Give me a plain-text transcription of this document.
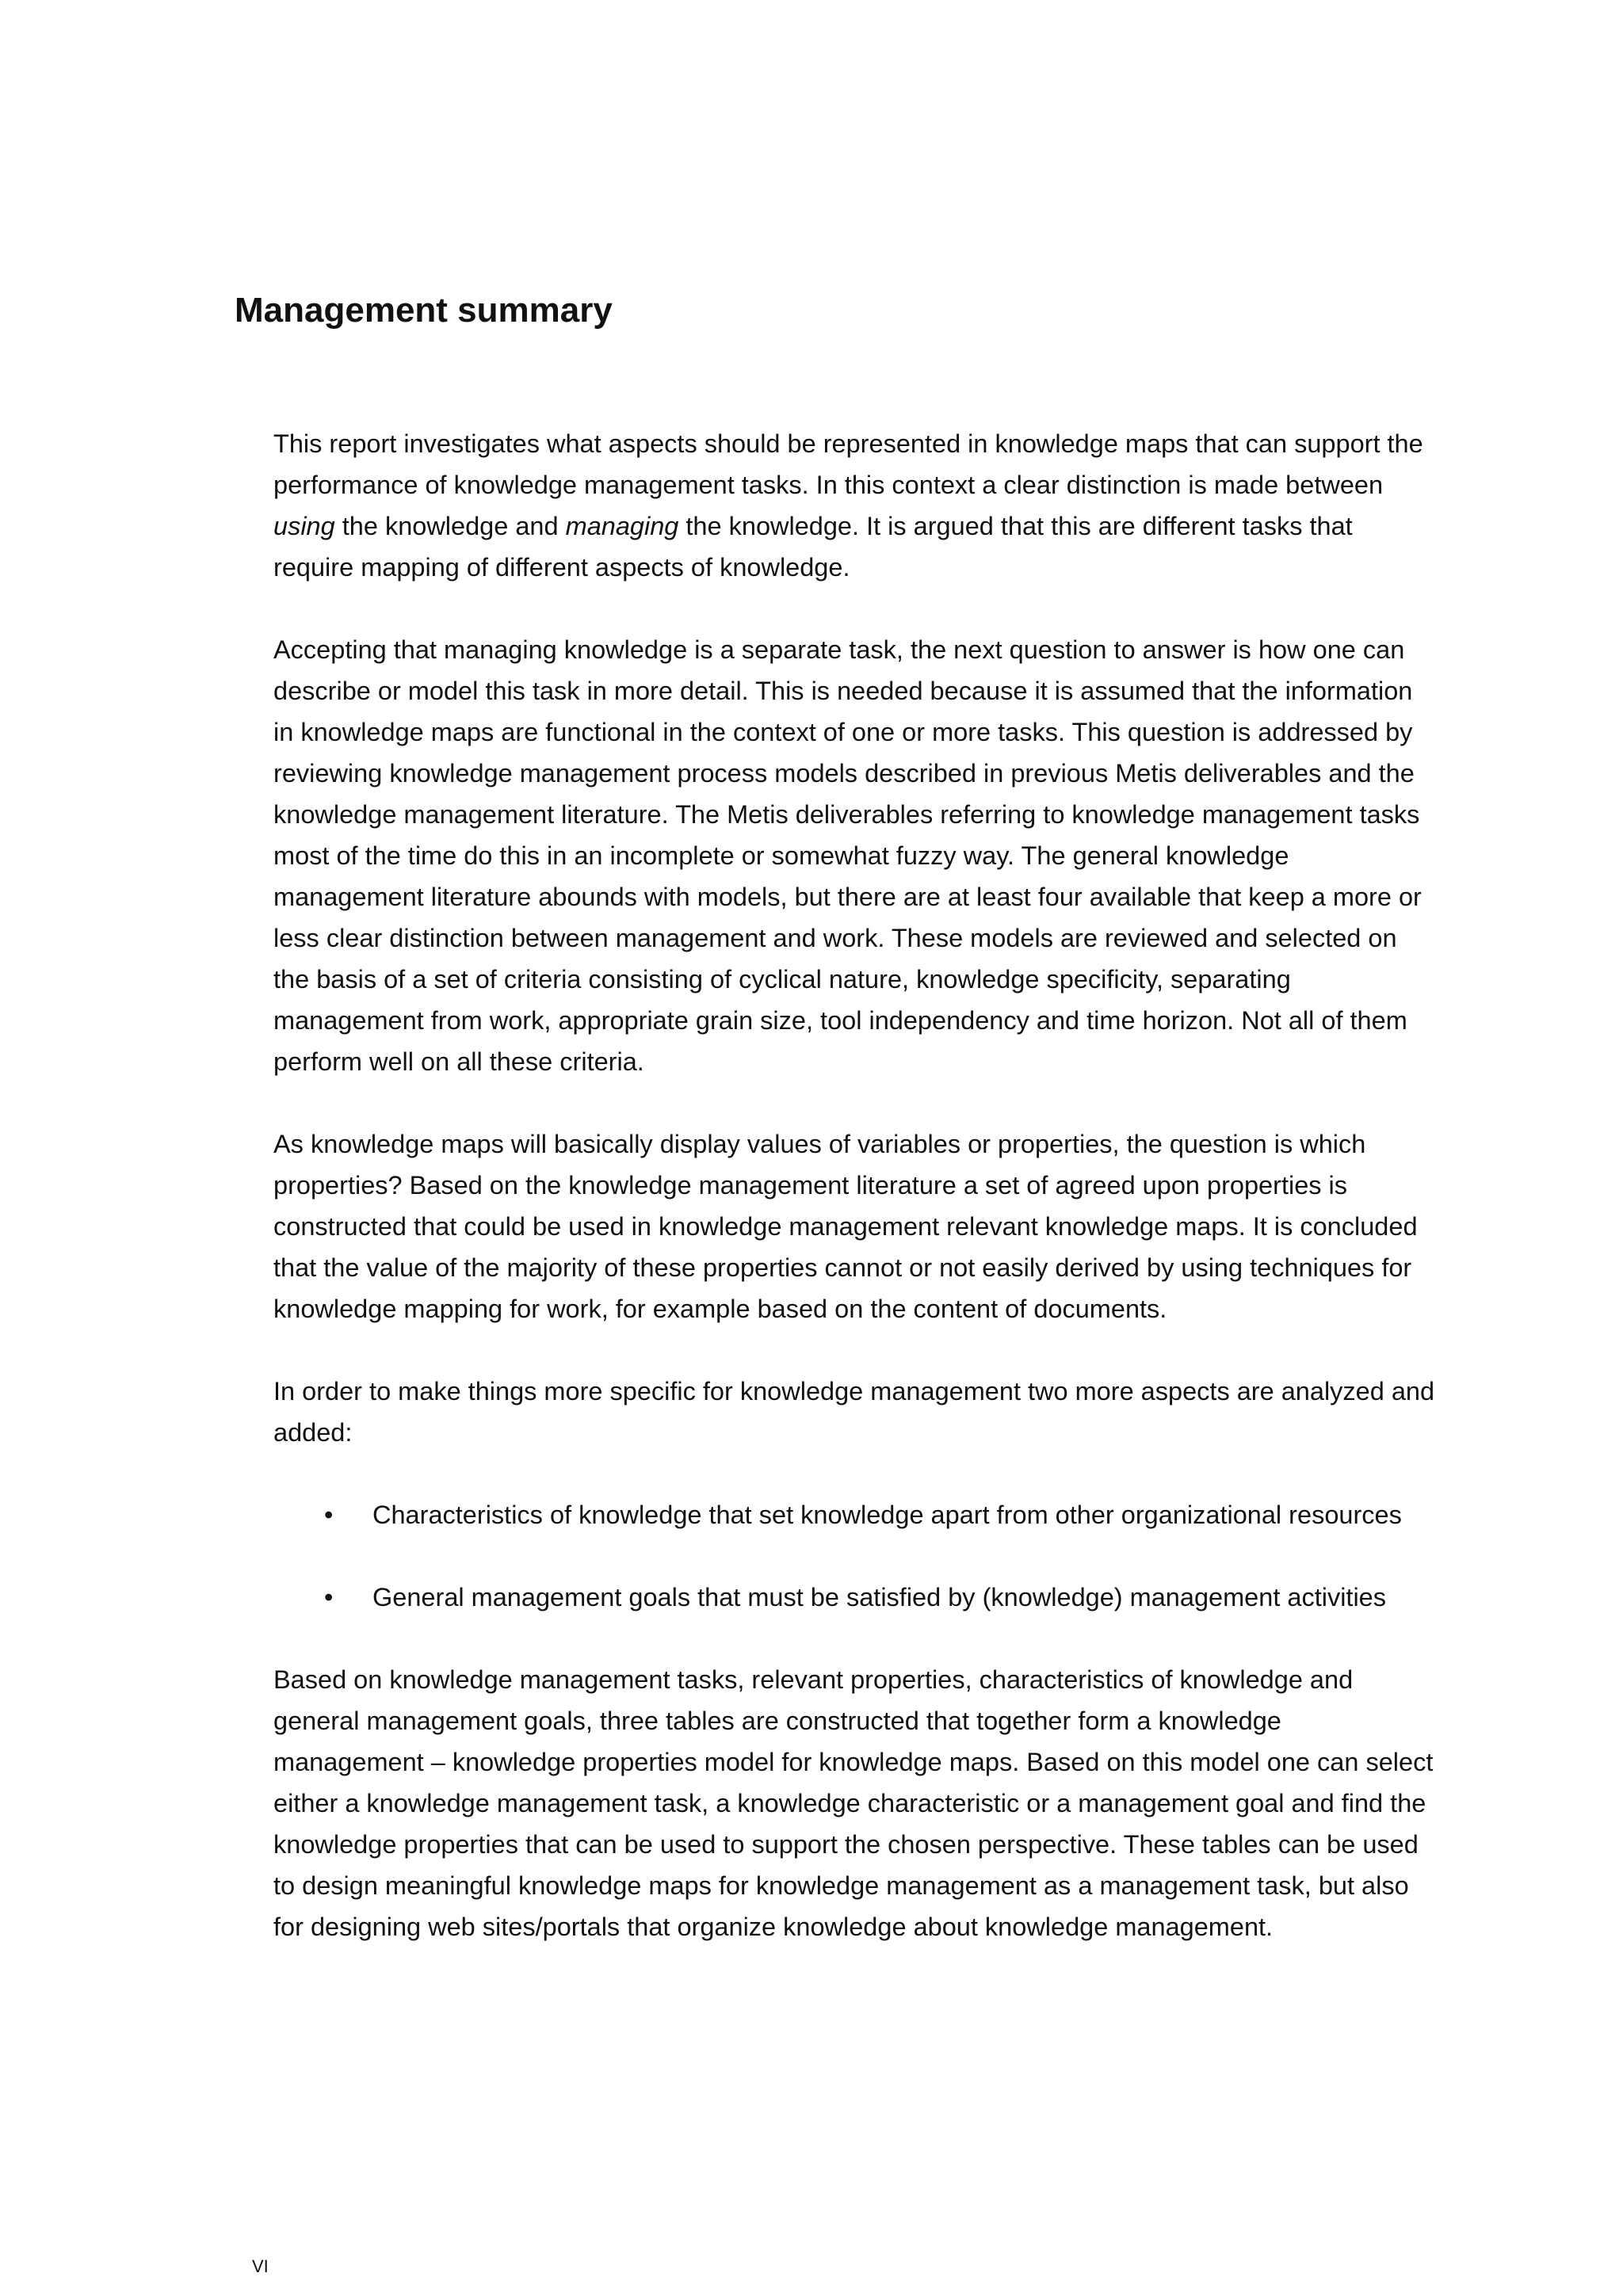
Management summary

This report investigates what aspects should be represented in knowledge maps that can support the performance of knowledge management tasks. In this context a clear distinction is made between using the knowledge and managing the knowledge. It is argued that this are different tasks that require mapping of different aspects of knowledge.

Accepting that managing knowledge is a separate task, the next question to answer is how one can describe or model this task in more detail. This is needed because it is assumed that the information in knowledge maps are functional in the context of one or more tasks. This question is addressed by reviewing knowledge management process models described in previous Metis deliverables and the knowledge management literature. The Metis deliverables referring to knowledge management tasks most of the time do this in an incomplete or somewhat fuzzy way. The general knowledge management literature abounds with models, but there are at least four available that keep a more or less clear distinction between management and work. These models are reviewed and selected on the basis of a set of criteria consisting of cyclical nature, knowledge specificity, separating management from work, appropriate grain size, tool independency and time horizon. Not all of them perform well on all these criteria.

As knowledge maps will basically display values of variables or properties, the question is which properties? Based on the knowledge management literature a set of agreed upon properties is constructed that could be used in knowledge management relevant knowledge maps. It is concluded that the value of the majority of these properties cannot or not easily derived by using techniques for knowledge mapping for work, for example based on the content of documents.

In order to make things more specific for knowledge management two more aspects are analyzed and added:

• Characteristics of knowledge that set knowledge apart from other organizational resources
• General management goals that must be satisfied by (knowledge) management activities

Based on knowledge management tasks, relevant properties, characteristics of knowledge and general management goals, three tables are constructed that together form a knowledge management – knowledge properties model for knowledge maps. Based on this model one can select either a knowledge management task, a knowledge characteristic or a management goal and find the knowledge properties that can be used to support the chosen perspective. These tables can be used to design meaningful knowledge maps for knowledge management as a management task, but also for designing web sites/portals that organize knowledge about knowledge management.

VI
